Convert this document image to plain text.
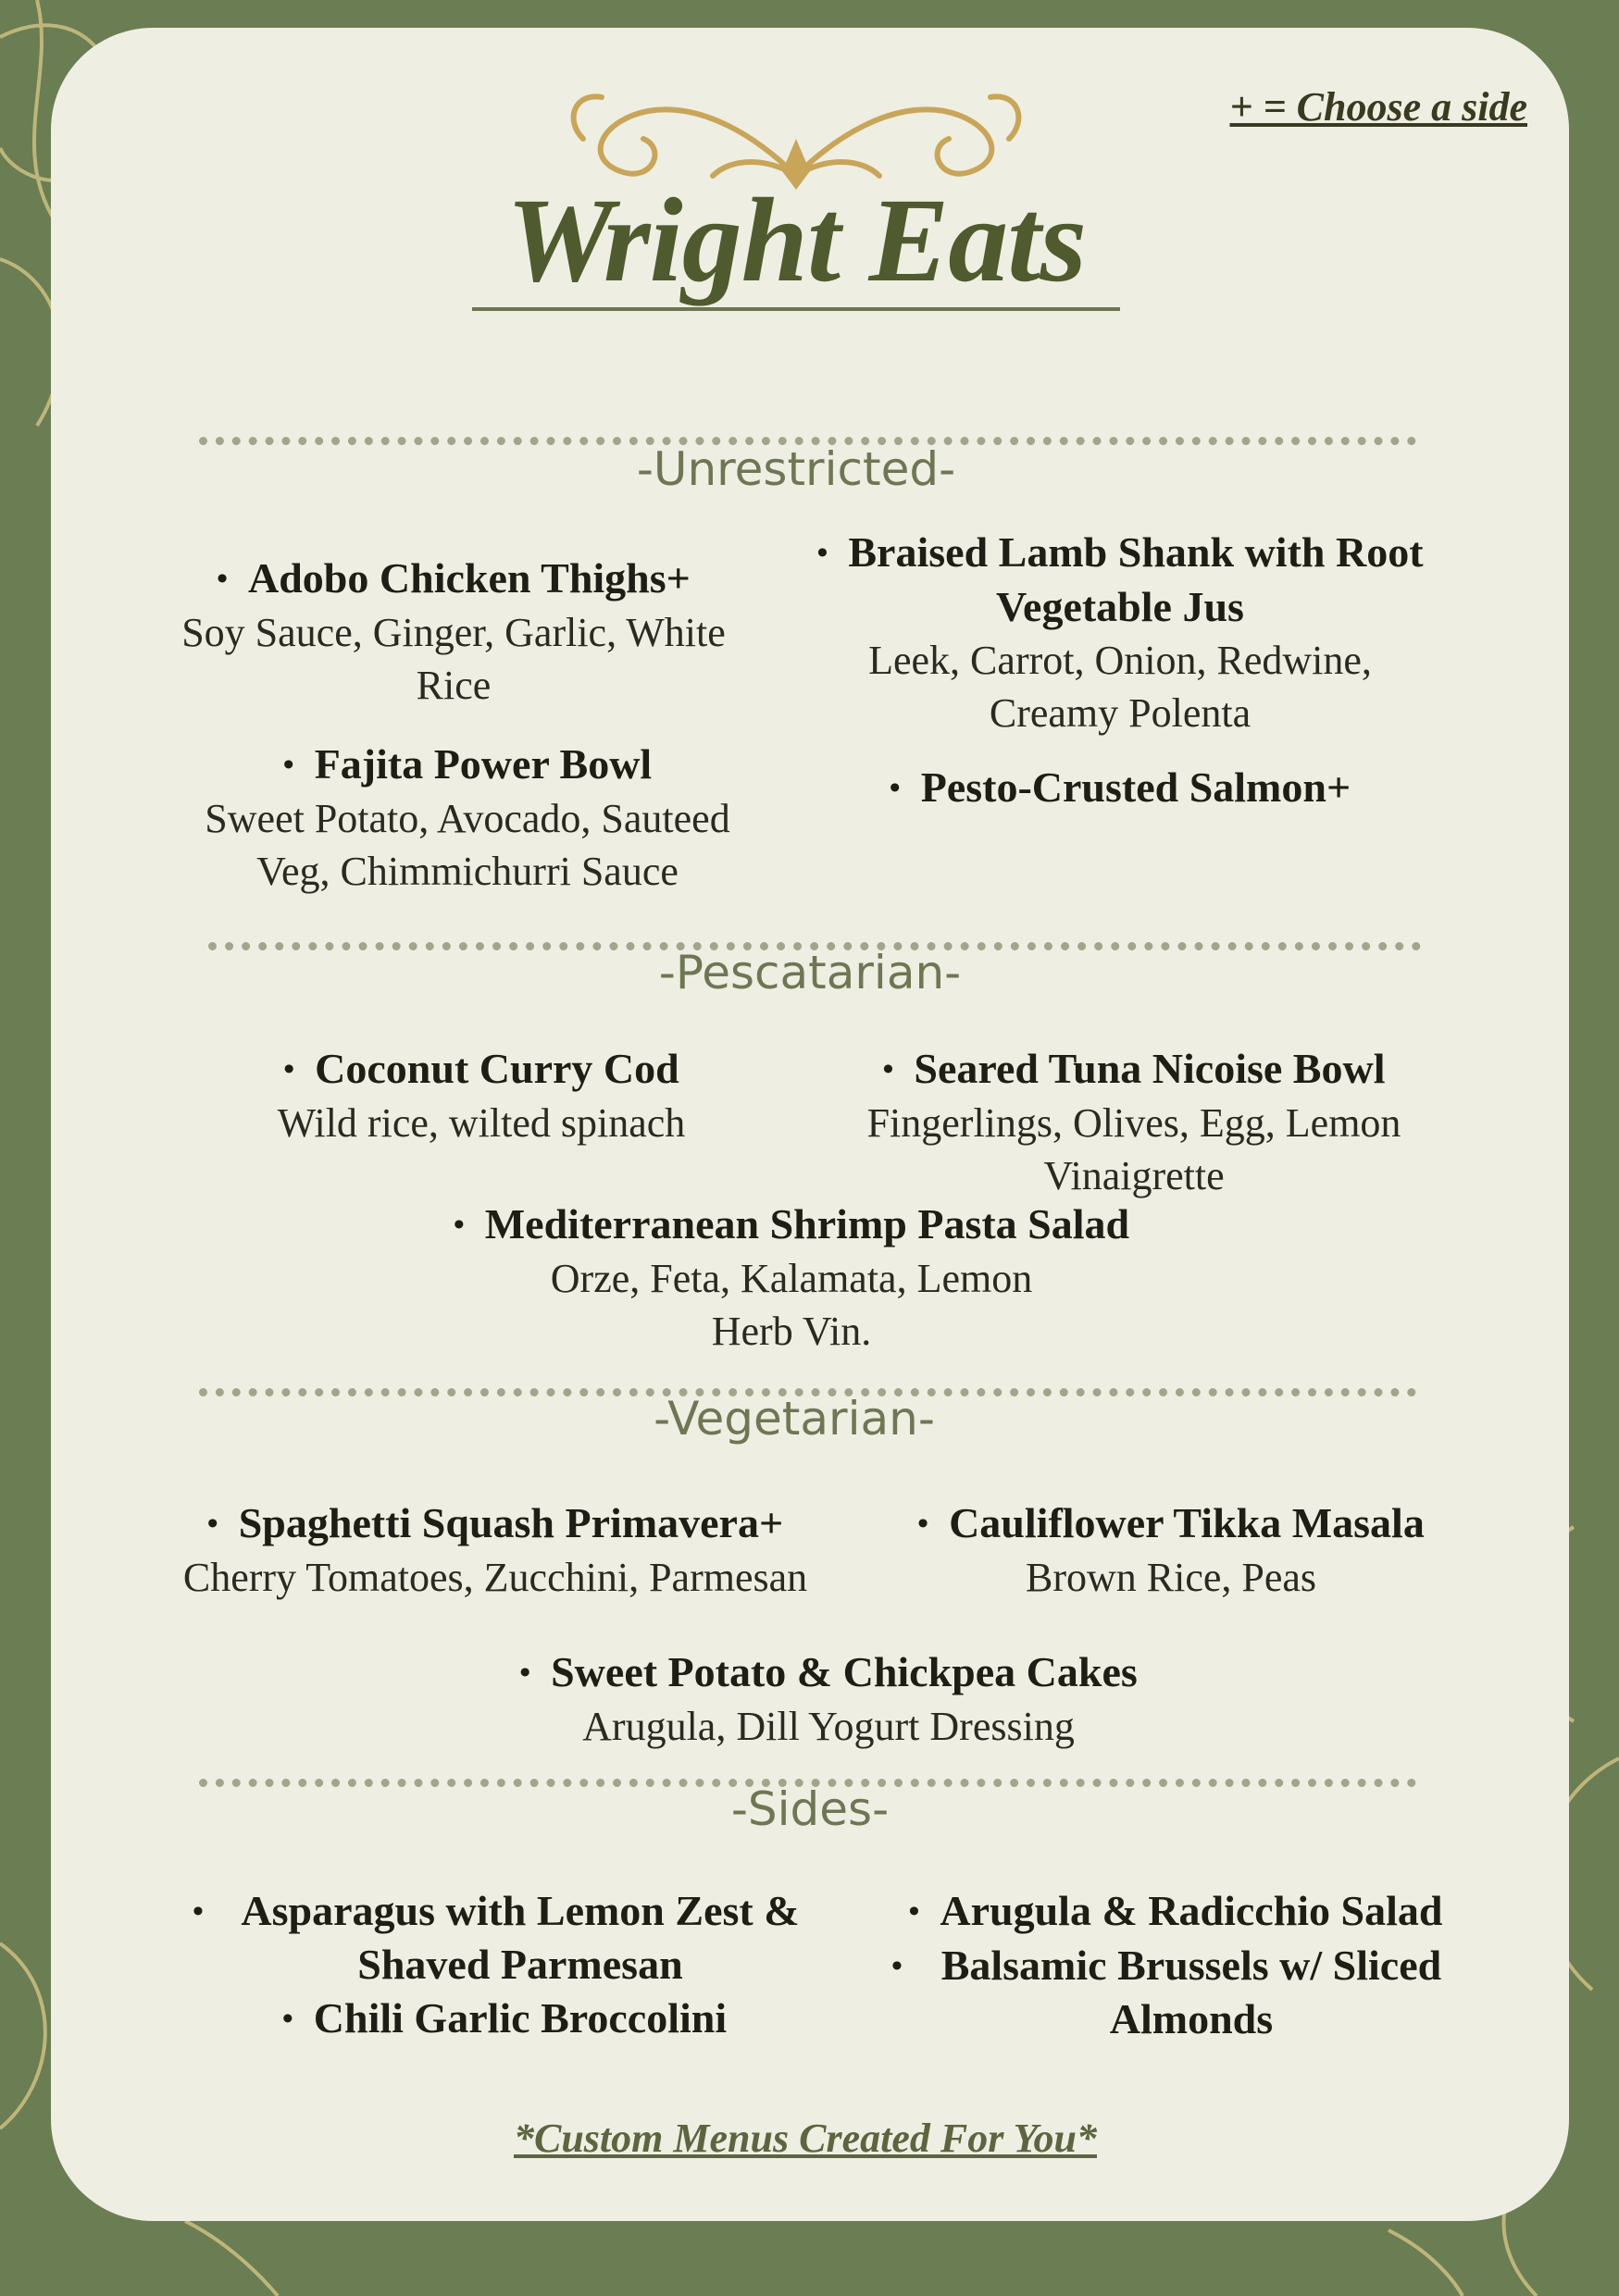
+ = Choose a side
Wright Eats
-Unrestricted-
• Adobo Chicken Thighs+
Soy Sauce, Ginger, Garlic, White Rice
• Braised Lamb Shank with Root Vegetable Jus
Leek, Carrot, Onion, Redwine, Creamy Polenta
• Fajita Power Bowl
Sweet Potato, Avocado, Sauteed Veg, Chimmichurri Sauce
• Pesto-Crusted Salmon+
-Pescatarian-
• Coconut Curry Cod
Wild rice, wilted spinach
• Seared Tuna Nicoise Bowl
Fingerlings, Olives, Egg, Lemon Vinaigrette
• Mediterranean Shrimp Pasta Salad
Orze, Feta, Kalamata, Lemon Herb Vin.
-Vegetarian-
• Spaghetti Squash Primavera+
Cherry Tomatoes, Zucchini, Parmesan
• Cauliflower Tikka Masala
Brown Rice, Peas
• Sweet Potato & Chickpea Cakes
Arugula, Dill Yogurt Dressing
-Sides-
• Asparagus with Lemon Zest & Shaved Parmesan
• Chili Garlic Broccolini
• Arugula & Radicchio Salad
• Balsamic Brussels w/ Sliced Almonds
*Custom Menus Created For You*
